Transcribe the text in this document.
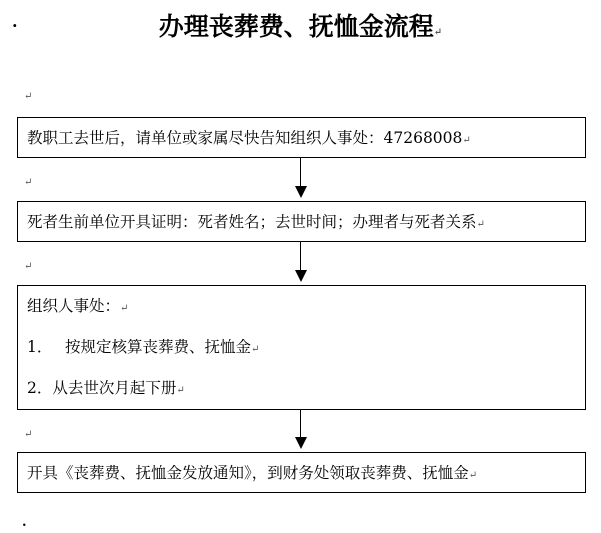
·	办理丧葬费、抚恤金流程↵
↵
教职工去世后，请单位或家属尽快告知组织人事处：47268008↵
↵
死者生前单位开具证明：死者姓名；去世时间；办理者与死者关系↵
↵
组织人事处：↵
1． 按规定核算丧葬费、抚恤金↵
2．从去世次月起下册↵
↵
开具《丧葬费、抚恤金发放通知》，到财务处领取丧葬费、抚恤金↵
.
